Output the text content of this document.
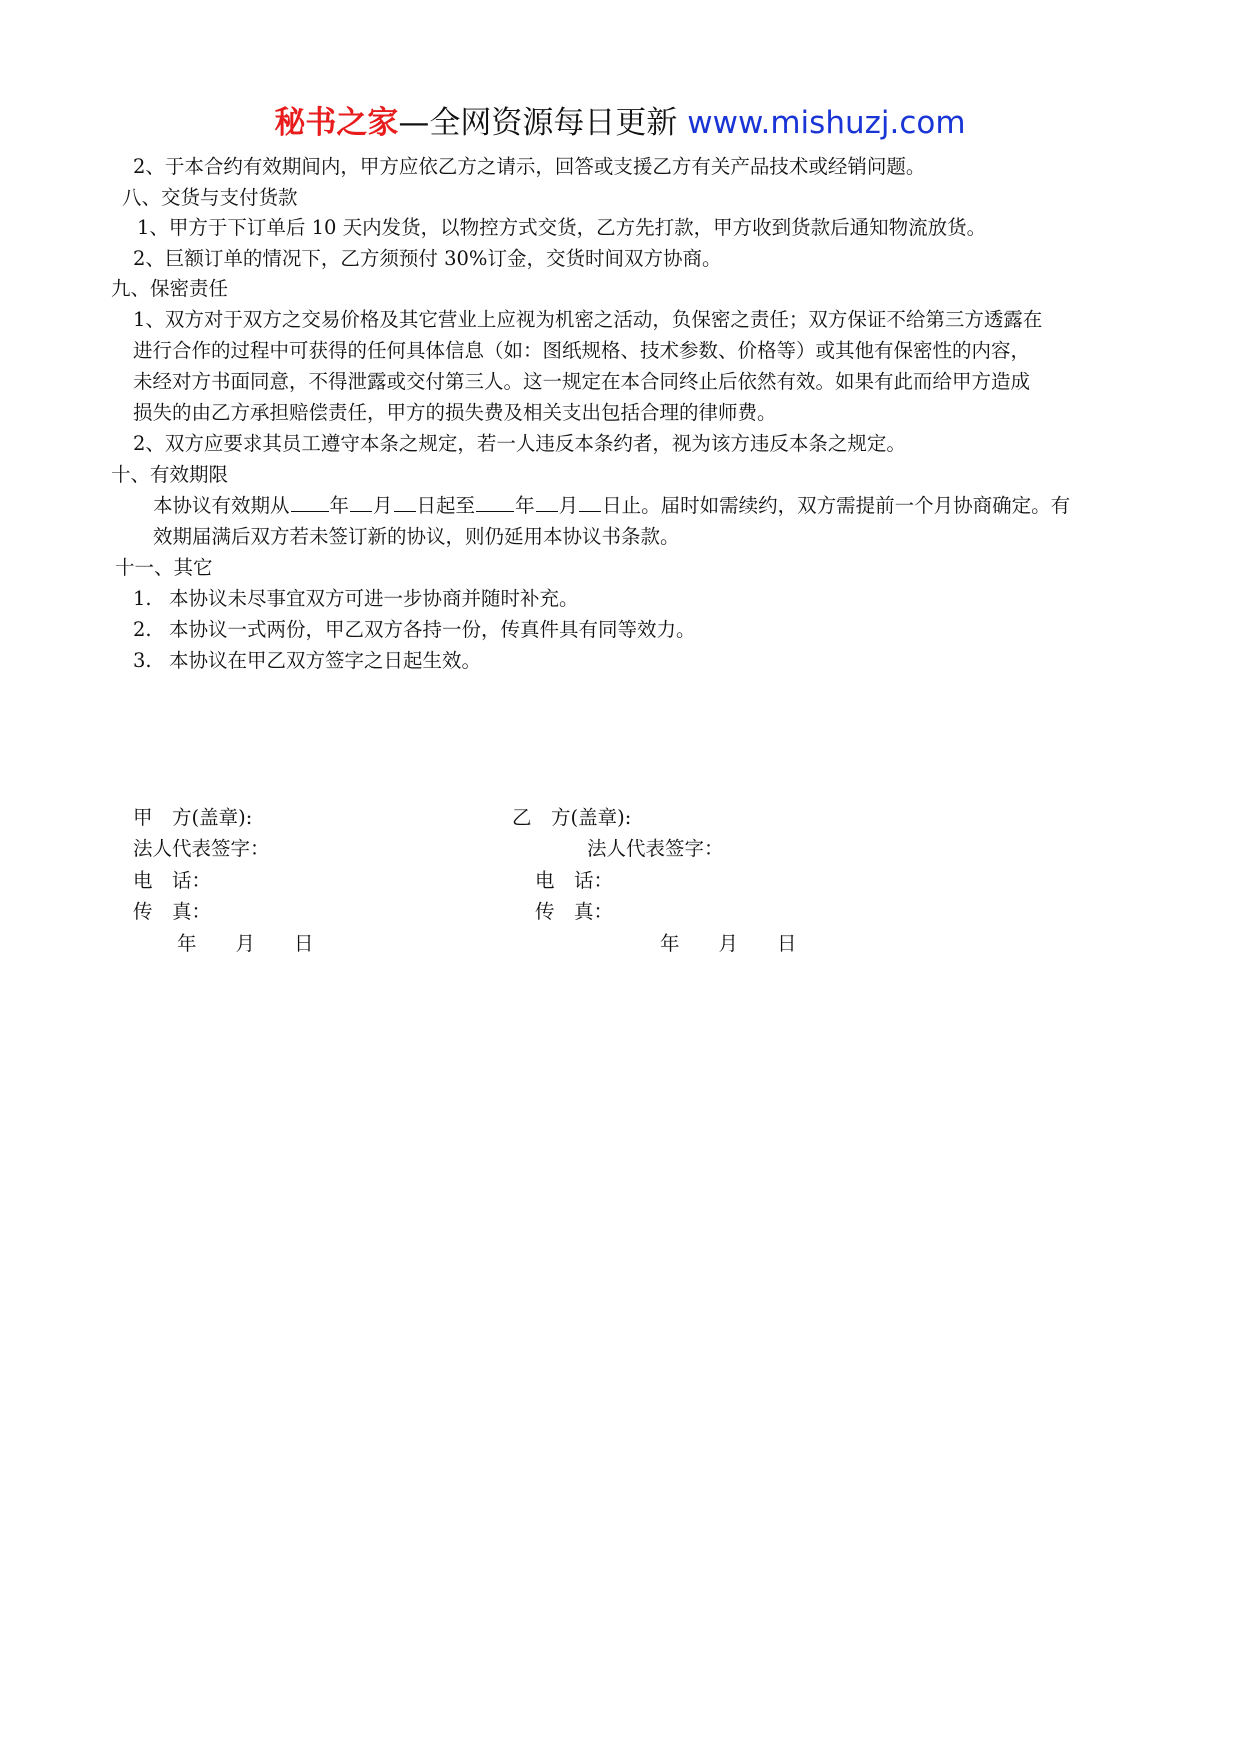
秘书之家—全网资源每日更新 www.mishuzj.com
2、于本合约有效期间内，甲方应依乙方之请示，回答或支援乙方有关产品技术或经销问题。
八、交货与支付货款
1、甲方于下订单后 10 天内发货，以物控方式交货，乙方先打款，甲方收到货款后通知物流放货。
2、巨额订单的情况下，乙方须预付 30%订金，交货时间双方协商。
九、保密责任
1、双方对于双方之交易价格及其它营业上应视为机密之活动，负保密之责任；双方保证不给第三方透露在
进行合作的过程中可获得的任何具体信息（如：图纸规格、技术参数、价格等）或其他有保密性的内容，
未经对方书面同意，不得泄露或交付第三人。这一规定在本合同终止后依然有效。如果有此而给甲方造成
损失的由乙方承担赔偿责任，甲方的损失费及相关支出包括合理的律师费。
2、双方应要求其员工遵守本条之规定，若一人违反本条约者，视为该方违反本条之规定。
十、有效期限
本协议有效期从 年 月 日起至 年 月 日止。届时如需续约，双方需提前一个月协商确定。有
效期届满后双方若未签订新的协议，则仍延用本协议书条款。
十一、其它
1. 本协议未尽事宜双方可进一步协商并随时补充。
2. 本协议一式两份，甲乙双方各持一份，传真件具有同等效力。
3. 本协议在甲乙双方签字之日起生效。
甲　方(盖章):	乙　方(盖章):
法人代表签字：	法人代表签字：
电　话：	电　话：
传　真：	传　真：
年　　月　　日	年　　月　　日
